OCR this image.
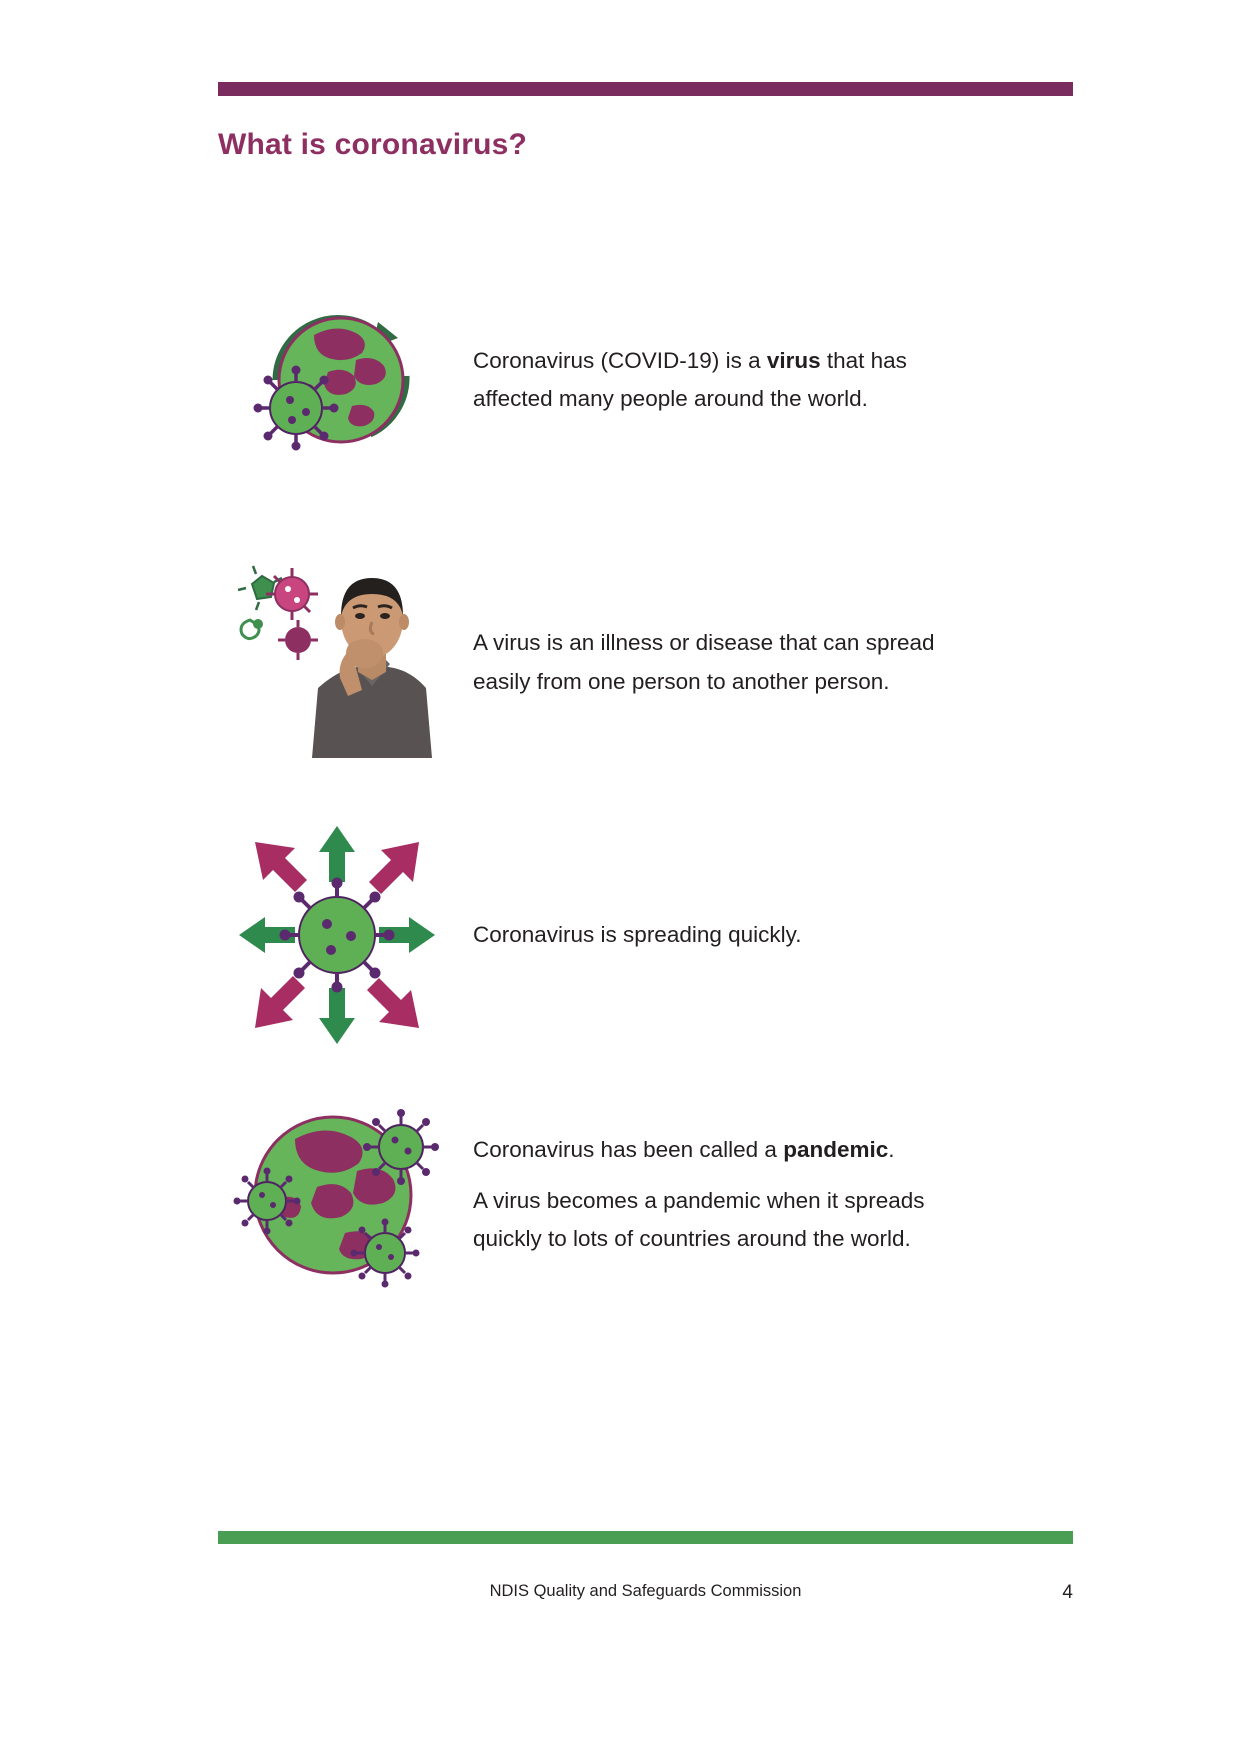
What is coronavirus?

Coronavirus (COVID-19) is a virus that has

affected many people around the world.

A virus is an illness or disease that can spread

easily from one person to another person.

Coronavirus is spreading quickly.

Coronavirus has been called a pandemic.

A virus becomes a pandemic when it spreads

quickly to lots of countries around the world.

NDIS Quality and Safeguards Commission	4
